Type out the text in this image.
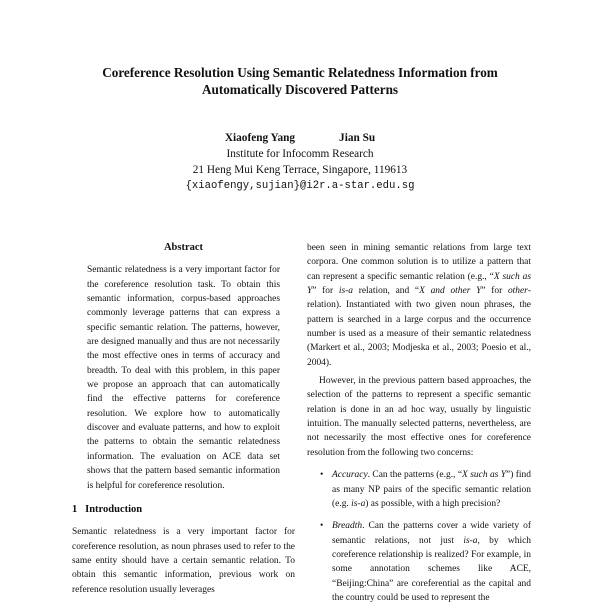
Coreference Resolution Using Semantic Relatedness Information from
Automatically Discovered Patterns
Xiaofeng Yang	Jian Su
Institute for Infocomm Research
21 Heng Mui Keng Terrace, Singapore, 119613
{xiaofengy,sujian}@i2r.a-star.edu.sg
Abstract

Semantic relatedness is a very important factor for the coreference resolution task. To obtain this semantic information, corpus-based approaches commonly leverage patterns that can express a specific semantic relation. The patterns, however, are designed manually and thus are not necessarily the most effective ones in terms of accuracy and breadth. To deal with this problem, in this paper we propose an approach that can automatically find the effective patterns for coreference resolution. We explore how to automatically discover and evaluate patterns, and how to exploit the patterns to obtain the semantic relatedness information. The evaluation on ACE data set shows that the pattern based semantic information is helpful for coreference resolution.

1 Introduction

Semantic relatedness is a very important factor for coreference resolution, as noun phrases used to refer to the same entity should have a certain semantic relation. To obtain this semantic information, previous work on reference resolution usually leverages

been seen in mining semantic relations from large text corpora. One common solution is to utilize a pattern that can represent a specific semantic relation (e.g., “X such as Y” for is-a relation, and “X and other Y” for other-relation). Instantiated with two given noun phrases, the pattern is searched in a large corpus and the occurrence number is used as a measure of their semantic relatedness (Markert et al., 2003; Modjeska et al., 2003; Poesio et al., 2004).

However, in the previous pattern based approaches, the selection of the patterns to represent a specific semantic relation is done in an ad hoc way, usually by linguistic intuition. The manually selected patterns, nevertheless, are not necessarily the most effective ones for coreference resolution from the following two concerns:

• Accuracy. Can the patterns (e.g., “X such as Y”) find as many NP pairs of the specific semantic relation (e.g. is-a) as possible, with a high precision?
• Breadth. Can the patterns cover a wide variety of semantic relations, not just is-a, by which coreference relationship is realized? For example, in some annotation schemes like ACE, “Beijing:China” are coreferential as the capital and the country could be used to represent the
